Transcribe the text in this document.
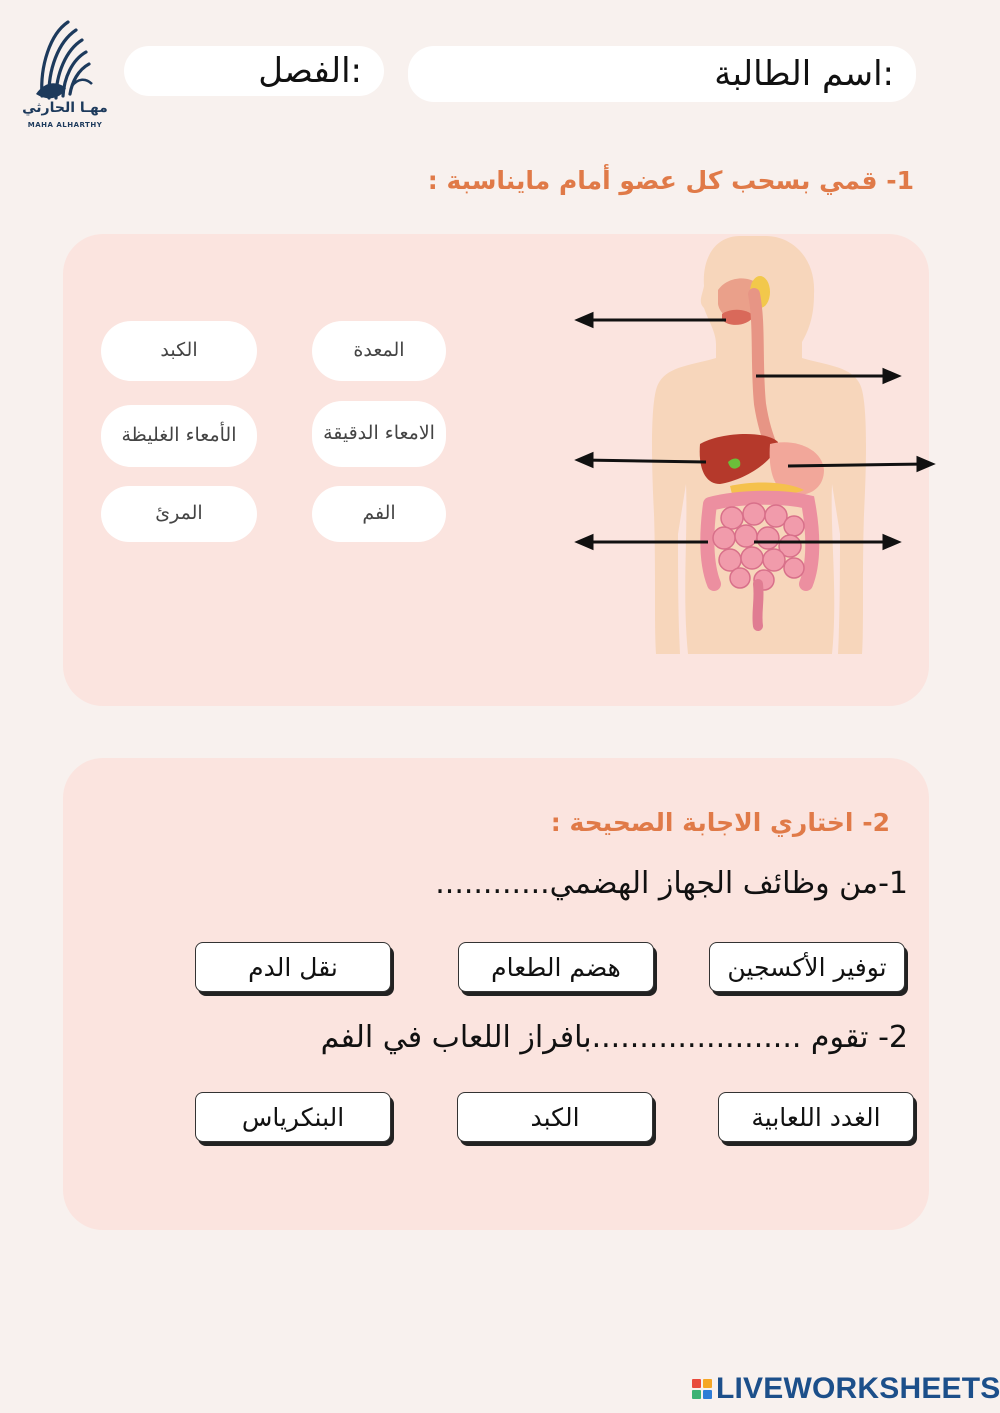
مهـا الحارثي
MAHA ALHARTHY
اسم الطالبة:
الفصل:
1- قمي بسحب كل عضو أمام مايناسبة :
الكبد	المعدة
الأمعاء الغليظة	الامعاء الدقيقة
المرئ	الفم
2- اختاري الاجابة الصحيحة :
1-من وظائف الجهاز الهضمي............
توفير الأكسجين
هضم الطعام
نقل الدم
2- تقوم ......................بافراز اللعاب في الفم
الغدد اللعابية
الكبد
البنكرياس
LIVEWORKSHEETS
